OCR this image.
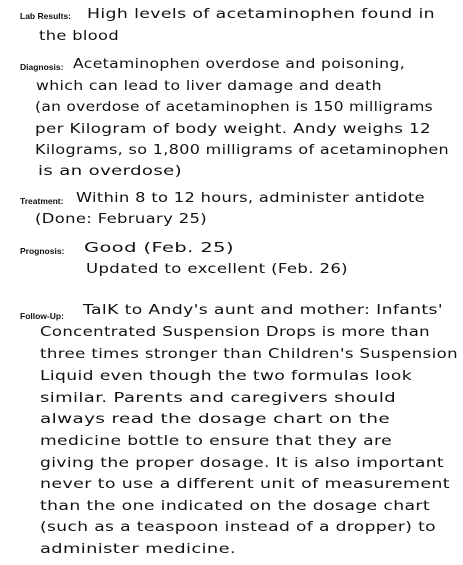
Lab Results: High levels of acetaminophen found in
the blood
Diagnosis: Acetaminophen overdose and poisoning,
which can lead to liver damage and death
(an overdose of acetaminophen is 150 milligrams
per Kilogram of body weight. Andy weighs 12
Kilograms, so 1,800 milligrams of acetaminophen
is an overdose)
Treatment: Within 8 to 12 hours, administer antidote
(Done: February 25)
Prognosis: Good (Feb. 25)
Updated to excellent (Feb. 26)
Follow-Up: TalK to Andy's aunt and mother: Infants'
Concentrated Suspension Drops is more than
three times stronger than Children's Suspension
Liquid even though the two formulas look
similar. Parents and caregivers should
always read the dosage chart on the
medicine bottle to ensure that they are
giving the proper dosage. It is also important
never to use a different unit of measurement
than the one indicated on the dosage chart
(such as a teaspoon instead of a dropper) to
administer medicine.
